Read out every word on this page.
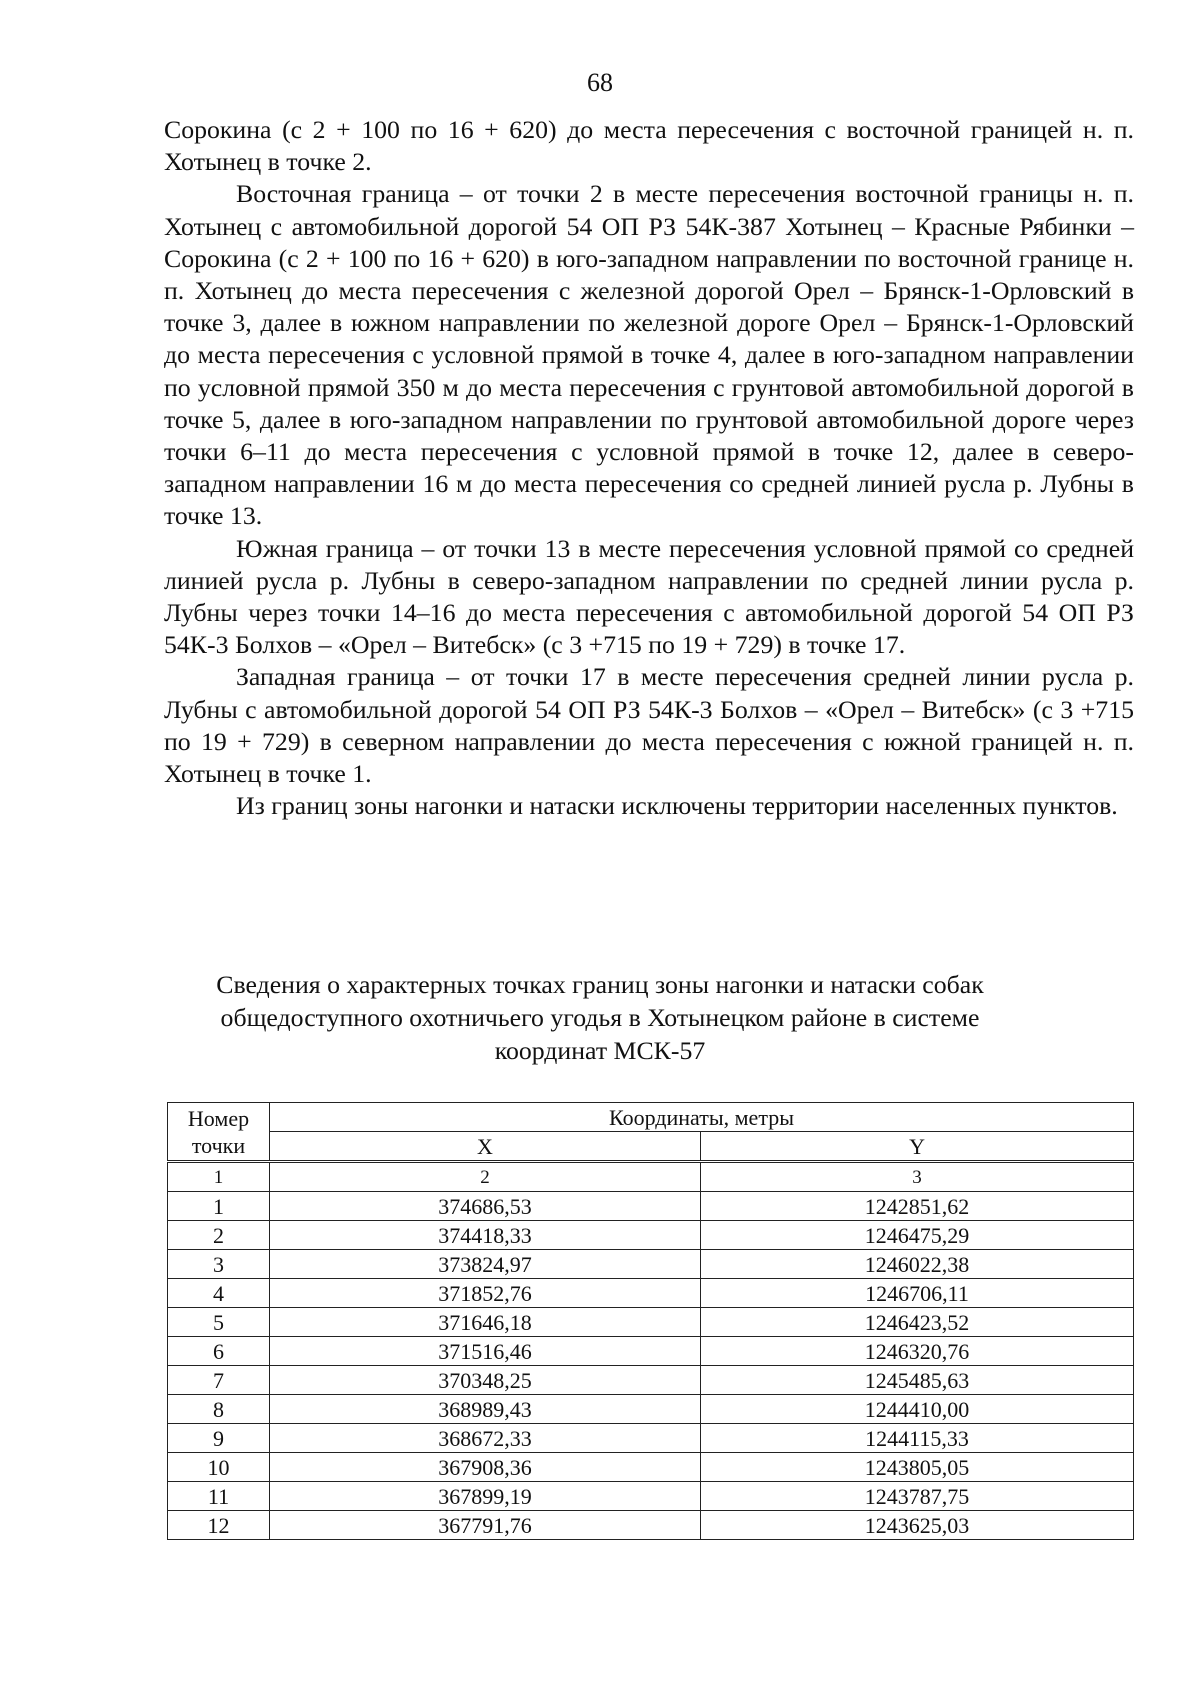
68

Сорокина (с 2 + 100 по 16 + 620) до места пересечения с восточной границей н. п. Хотынец в точке 2.

Восточная граница – от точки 2 в месте пересечения восточной границы н. п. Хотынец с автомобильной дорогой 54 ОП РЗ 54К-387 Хотынец – Красные Рябинки – Сорокина (с 2 + 100 по 16 + 620) в юго-западном направлении по восточной границе н. п. Хотынец до места пересечения с железной дорогой Орел – Брянск-1-Орловский в точке 3, далее в южном направлении по железной дороге Орел – Брянск-1-Орловский до места пересечения с условной прямой в точке 4, далее в юго-западном направлении по условной прямой 350 м до места пересечения с грунтовой автомобильной дорогой в точке 5, далее в юго-западном направлении по грунтовой автомобильной дороге через точки 6–11 до места пересечения с условной прямой в точке 12, далее в северо-западном направлении 16 м до места пересечения со средней линией русла р. Лубны в точке 13.

Южная граница – от точки 13 в месте пересечения условной прямой со средней линией русла р. Лубны в северо-западном направлении по средней линии русла р. Лубны через точки 14–16 до места пересечения с автомобильной дорогой 54 ОП РЗ 54К-3 Болхов – «Орел – Витебск» (с 3 +715 по 19 + 729) в точке 17.

Западная граница – от точки 17 в месте пересечения средней линии русла р. Лубны с автомобильной дорогой 54 ОП РЗ 54К-3 Болхов – «Орел – Витебск» (с 3 +715 по 19 + 729) в северном направлении до места пересечения с южной границей н. п. Хотынец в точке 1.

Из границ зоны нагонки и натаски исключены территории населенных пунктов.

Сведения о характерных точках границ зоны нагонки и натаски собак общедоступного охотничьего угодья в Хотынецком районе в системе координат МСК-57
Номер точки	Координаты, метры	
	X	Y
1	2	3
1	374686,53	1242851,62
2	374418,33	1246475,29
3	373824,97	1246022,38
4	371852,76	1246706,11
5	371646,18	1246423,52
6	371516,46	1246320,76
7	370348,25	1245485,63
8	368989,43	1244410,00
9	368672,33	1244115,33
10	367908,36	1243805,05
11	367899,19	1243787,75
12	367791,76	1243625,03
